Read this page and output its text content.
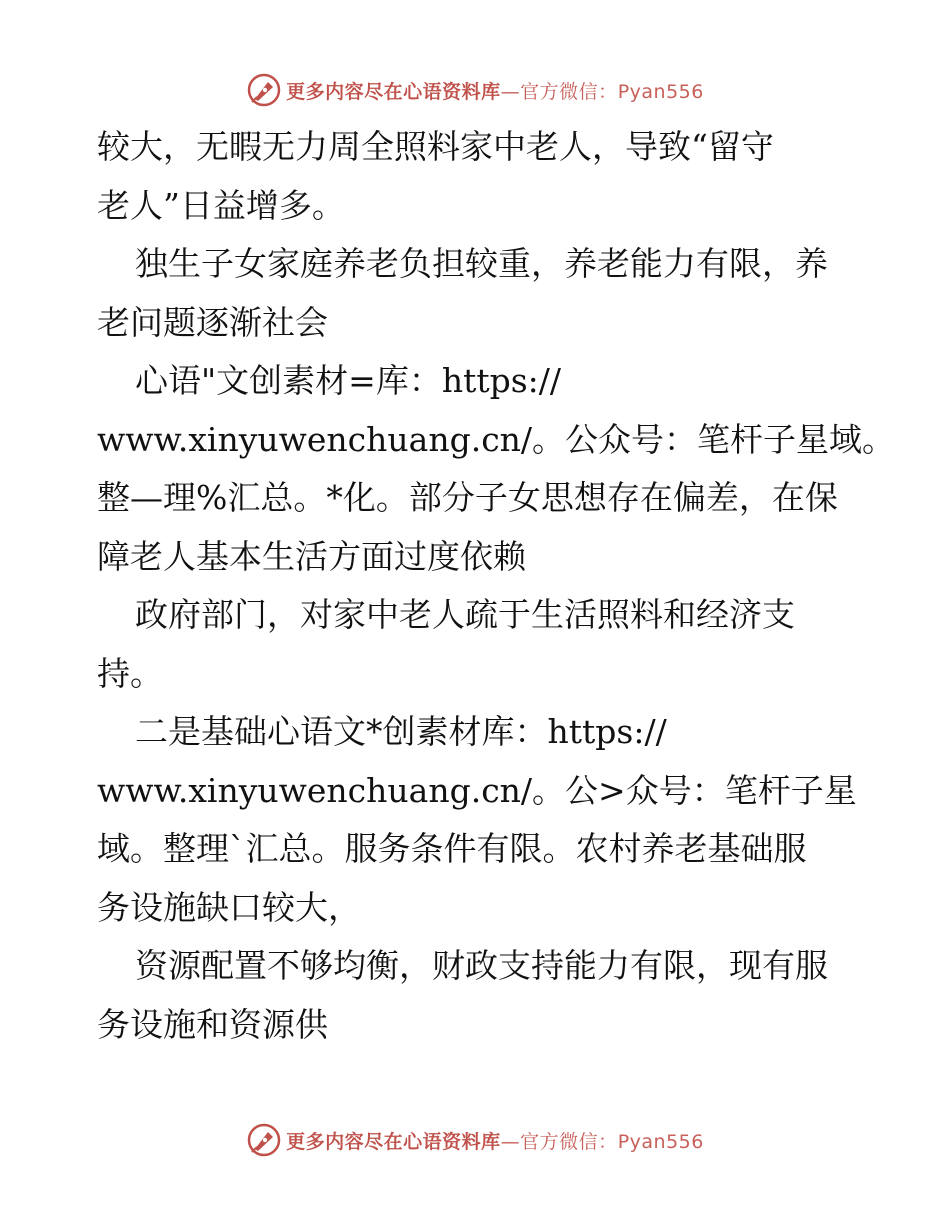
更多内容尽在心语资料库—官方微信：Pyan556
较大，无暇无力周全照料家中老人，导致“留守
老人”日益增多。
独生子女家庭养老负担较重，养老能力有限，养
老问题逐渐社会
心语"文创素材=库：https://
www.xinyuwenchuang.cn/。公众号：笔杆子星域。
整—理%汇总。*化。部分子女思想存在偏差，在保
障老人基本生活方面过度依赖
政府部门，对家中老人疏于生活照料和经济支
持。
二是基础心语文*创素材库：https://
www.xinyuwenchuang.cn/。公>众号：笔杆子星
域。整理`汇总。服务条件有限。农村养老基础服
务设施缺口较大，
资源配置不够均衡，财政支持能力有限，现有服
务设施和资源供
更多内容尽在心语资料库—官方微信：Pyan556
